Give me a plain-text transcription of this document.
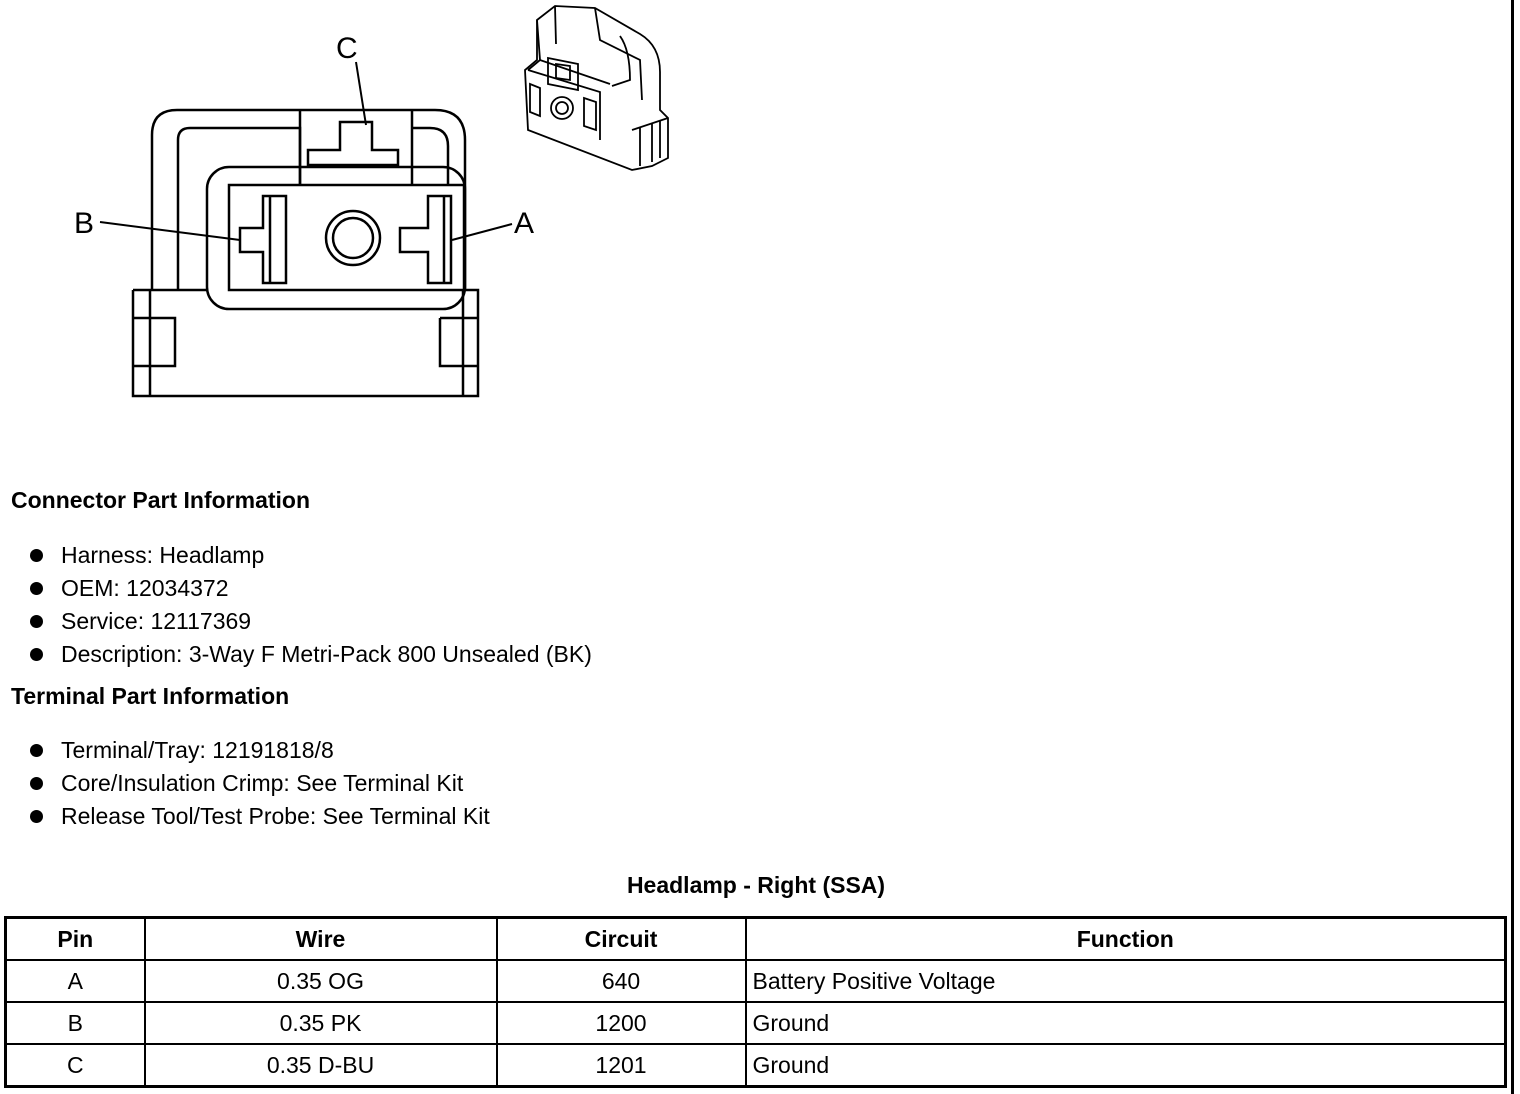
C
B	A
Connector Part Information
Harness: Headlamp
OEM: 12034372
Service: 12117369
Description: 3-Way F Metri-Pack 800 Unsealed (BK)
Terminal Part Information
Terminal/Tray: 12191818/8
Core/Insulation Crimp: See Terminal Kit
Release Tool/Test Probe: See Terminal Kit
Headlamp - Right (SSA)
Pin	Wire	Circuit	Function
A	0.35 OG	640	Battery Positive Voltage
B	0.35 PK	1200	Ground
C	0.35 D-BU	1201	Ground
